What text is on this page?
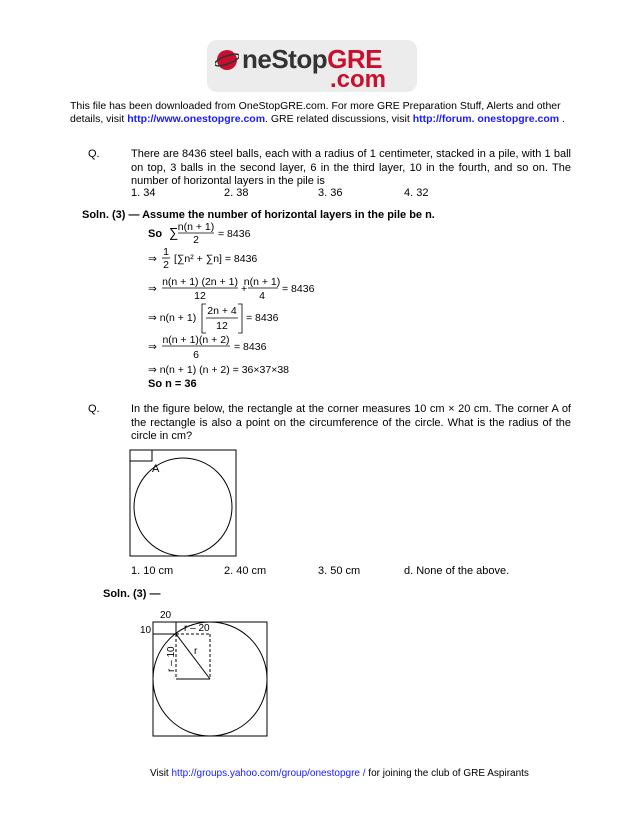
neStopGRE
.com
This file has been downloaded from OneStopGRE.com. For more GRE Preparation Stuff, Alerts and other details, visit http://www.onestopgre.com. GRE related discussions, visit http://forum. onestopgre.com .
Q.	There are 8436 steel balls, each with a radius of 1 centimeter, stacked in a pile, with 1 ball on top, 3 balls in the second layer, 6 in the third layer, 10 in the fourth, and so on. The number of horizontal layers in the pile is
1. 34	2. 38	3. 36	4. 32
Soln. (3) — Assume the number of horizontal layers in the pile be n.
So ∑ n(n + 1)
2 = 8436
⇒
1
2 [∑n² + ∑n] = 8436
⇒
n(n + 1) (2n + 1)
12
+
n(n + 1)
4
= 8436
⇒ n(n + 1)
2n + 4
12
= 8436
⇒
n(n + 1)(n + 2)
6
= 8436
⇒ n(n + 1) (n + 2) = 36×37×38
So n = 36
Q.	In the figure below, the rectangle at the corner measures 10 cm × 20 cm. The corner A of the rectangle is also a point on the circumference of the circle. What is the radius of the circle in cm?
A
1. 10 cm	2. 40 cm	3. 50 cm	d. None of the above.
Soln. (3) —
20
10	r – 20
r
r – 10
Visit http://groups.yahoo.com/group/onestopgre / for joining the club of GRE Aspirants
